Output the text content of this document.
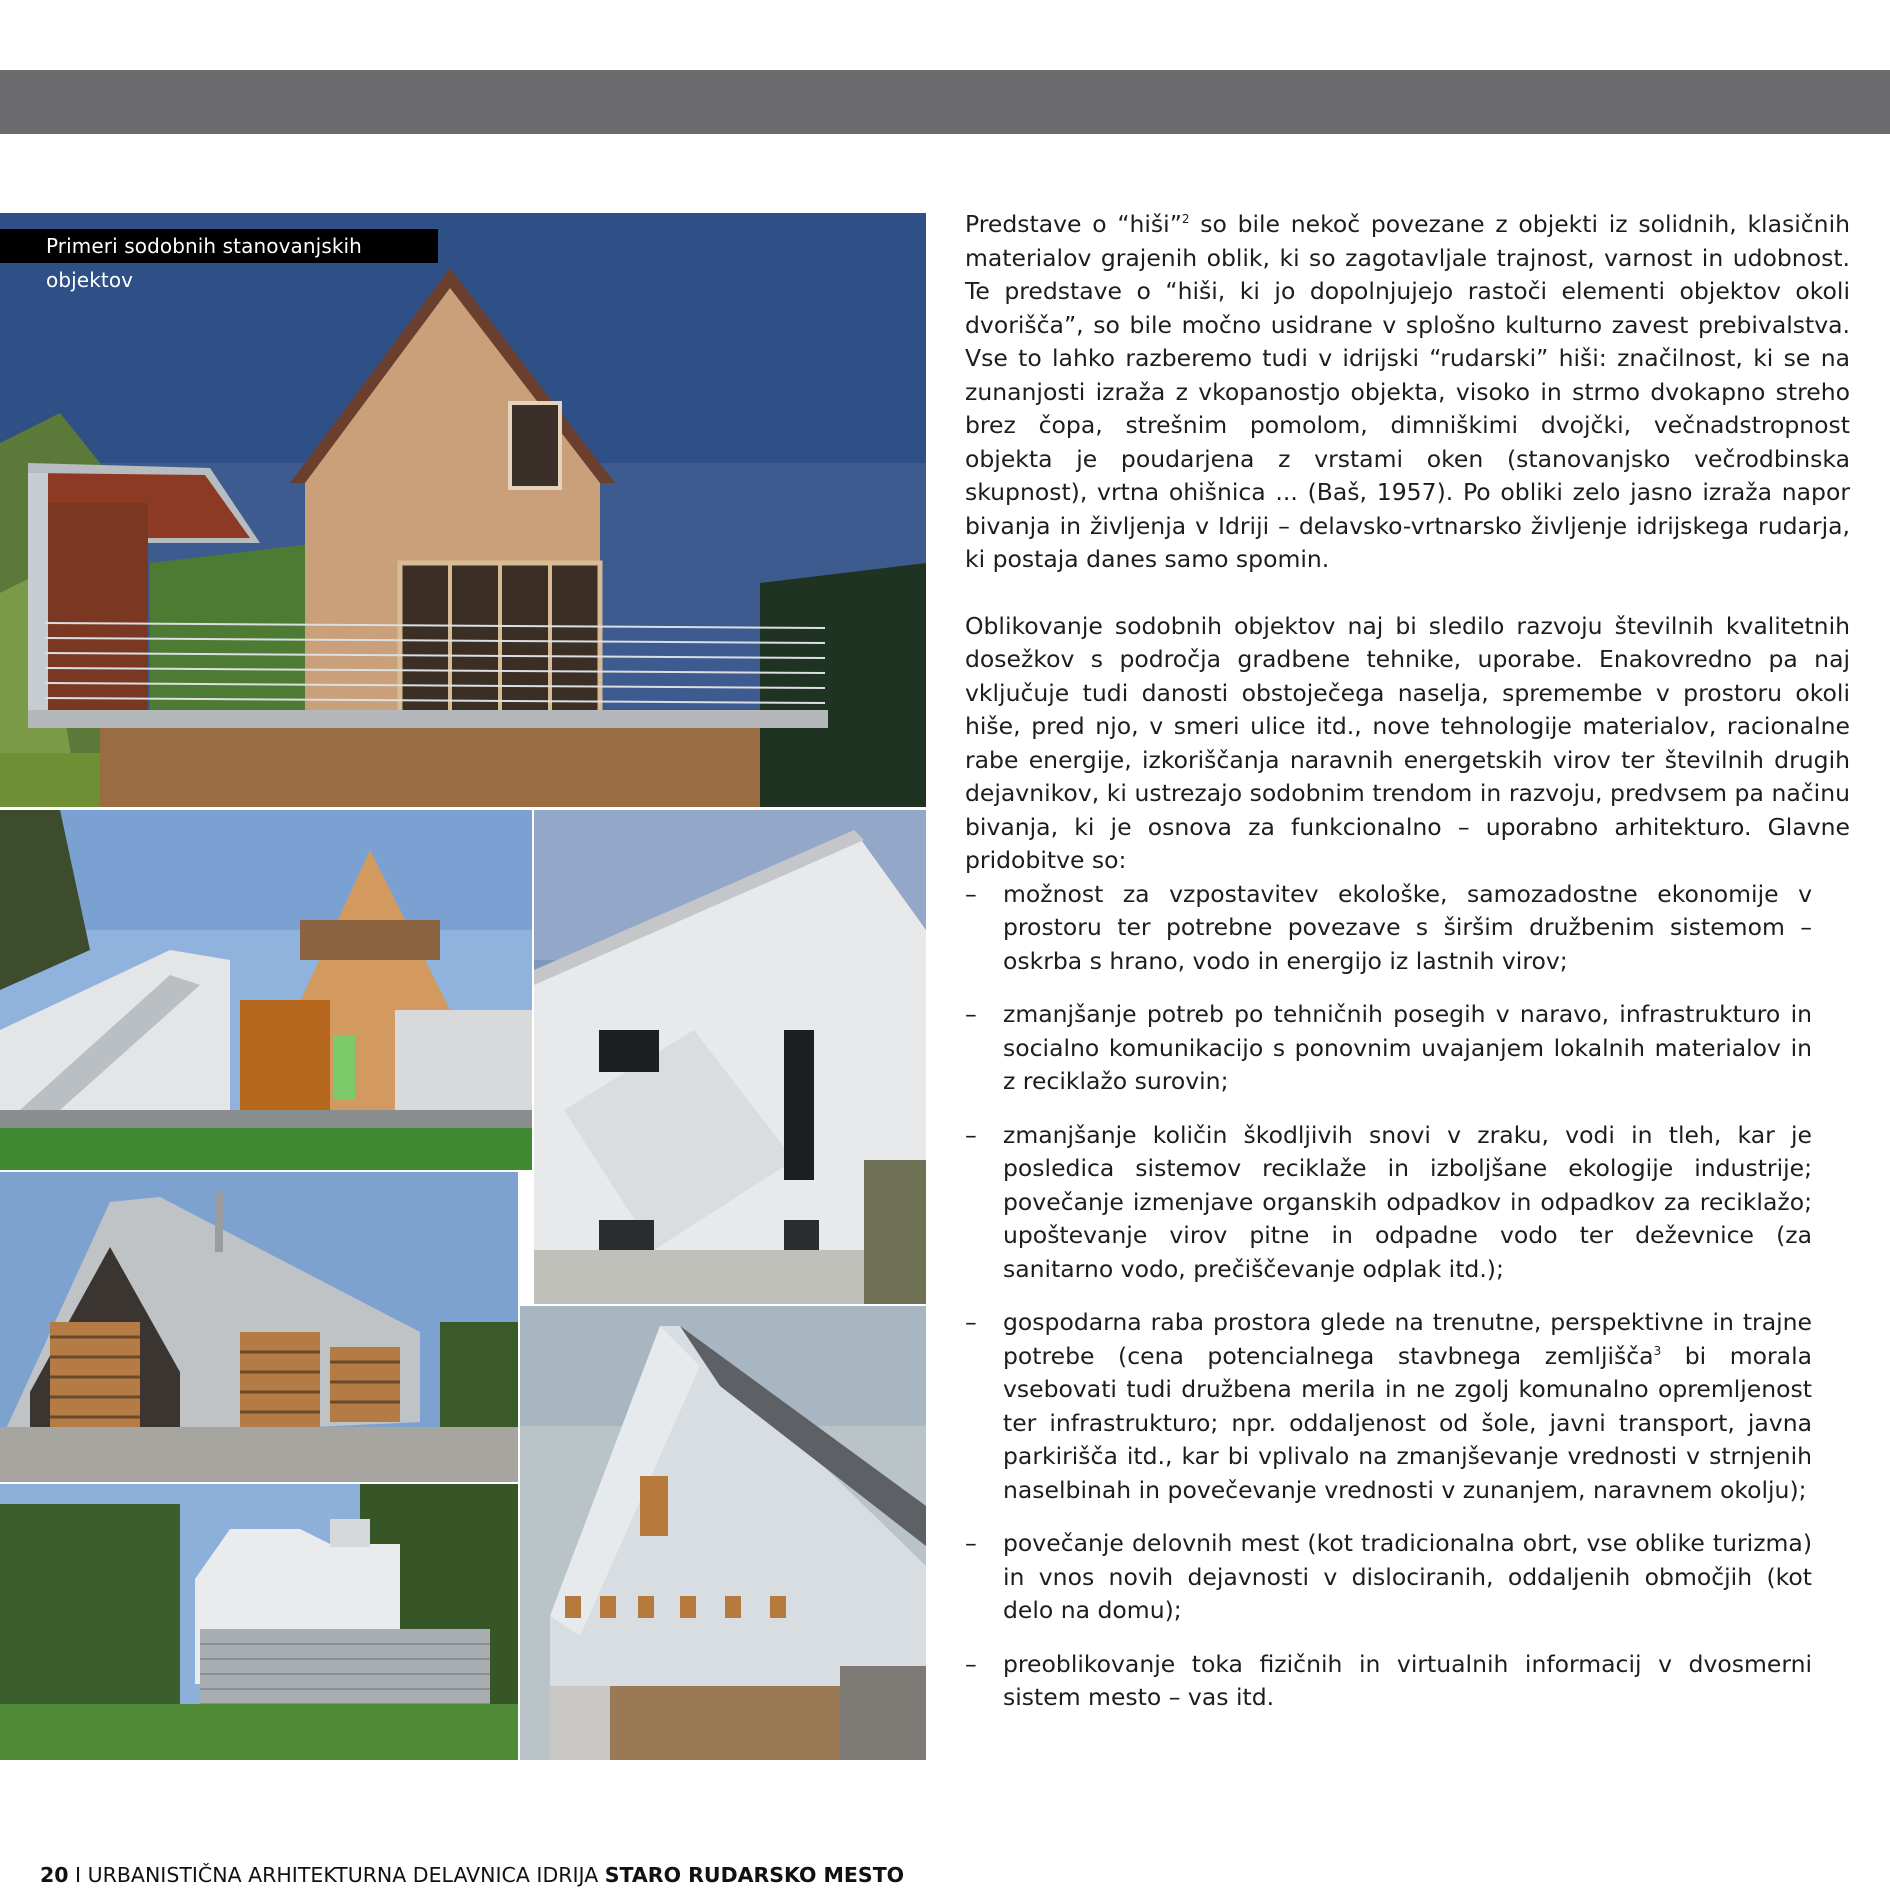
Primeri sodobnih stanovanjskih objektov

Predstave o “hiši”$^2$ so bile nekoč povezane z objekti iz solidnih, klasičnih materialov grajenih oblik, ki so zagotavljale trajnost, varnost in udobnost. Te predstave o “hiši, ki jo dopolnjujejo rastoči elementi objektov okoli dvorišča”, so bile močno usidrane v splošno kulturno zavest prebivalstva. Vse to lahko razberemo tudi v idrijski “rudarski” hiši: značilnost, ki se na zunanjosti izraža z vkopanostjo objekta, visoko in strmo dvokapno streho brez čopa, strešnim pomolom, dimniškimi dvojčki, večnadstropnost objekta je poudarjena z vrstami oken (stanovanjsko večrodbinska skupnost), vrtna ohišnica ... (Baš, 1957). Po obliki zelo jasno izraža napor bivanja in življenja v Idriji – delavsko-vrtnarsko življenje idrijskega rudarja, ki postaja danes samo spomin.

Oblikovanje sodobnih objektov naj bi sledilo razvoju številnih kvalitetnih dosežkov s področja gradbene tehnike, uporabe. Enakovredno pa naj vključuje tudi danosti obstoječega naselja, spremembe v prostoru okoli hiše, pred njo, v smeri ulice itd., nove tehnologije materialov, racionalne rabe energije, izkoriščanja naravnih energetskih virov ter številnih drugih dejavnikov, ki ustrezajo sodobnim trendom in razvoju, predvsem pa načinu bivanja, ki je osnova za funkcionalno – uporabno arhitekturo. Glavne pridobitve so:

– možnost za vzpostavitev ekološke, samozadostne ekonomije v prostoru ter potrebne povezave s širšim družbenim sistemom – oskrba s hrano, vodo in energijo iz lastnih virov;
– zmanjšanje potreb po tehničnih posegih v naravo, infrastrukturo in socialno komunikacijo s ponovnim uvajanjem lokalnih materialov in z reciklažo surovin;
– zmanjšanje količin škodljivih snovi v zraku, vodi in tleh, kar je posledica sistemov reciklaže in izboljšane ekologije industrije; povečanje izmenjave organskih odpadkov in odpadkov za reciklažo; upoštevanje virov pitne in odpadne vodo ter deževnice (za sanitarno vodo, prečiščevanje odplak itd.);
– gospodarna raba prostora glede na trenutne, perspektivne in trajne potrebe (cena potencialnega stavbnega zemljišča$^3$ bi morala vsebovati tudi družbena merila in ne zgolj komunalno opremljenost ter infrastrukturo; npr. oddaljenost od šole, javni transport, javna parkirišča itd., kar bi vplivalo na zmanjševanje vrednosti v strnjenih naselbinah in povečevanje vrednosti v zunanjem, naravnem okolju);
– povečanje delovnih mest (kot tradicionalna obrt, vse oblike turizma) in vnos novih dejavnosti v dislociranih, oddaljenih območjih (kot delo na domu);
– preoblikovanje toka fizičnih in virtualnih informacij v dvosmerni sistem mesto – vas itd.
20 I URBANISTIČNA ARHITEKTURNA DELAVNICA IDRIJA STARO RUDARSKO MESTO
